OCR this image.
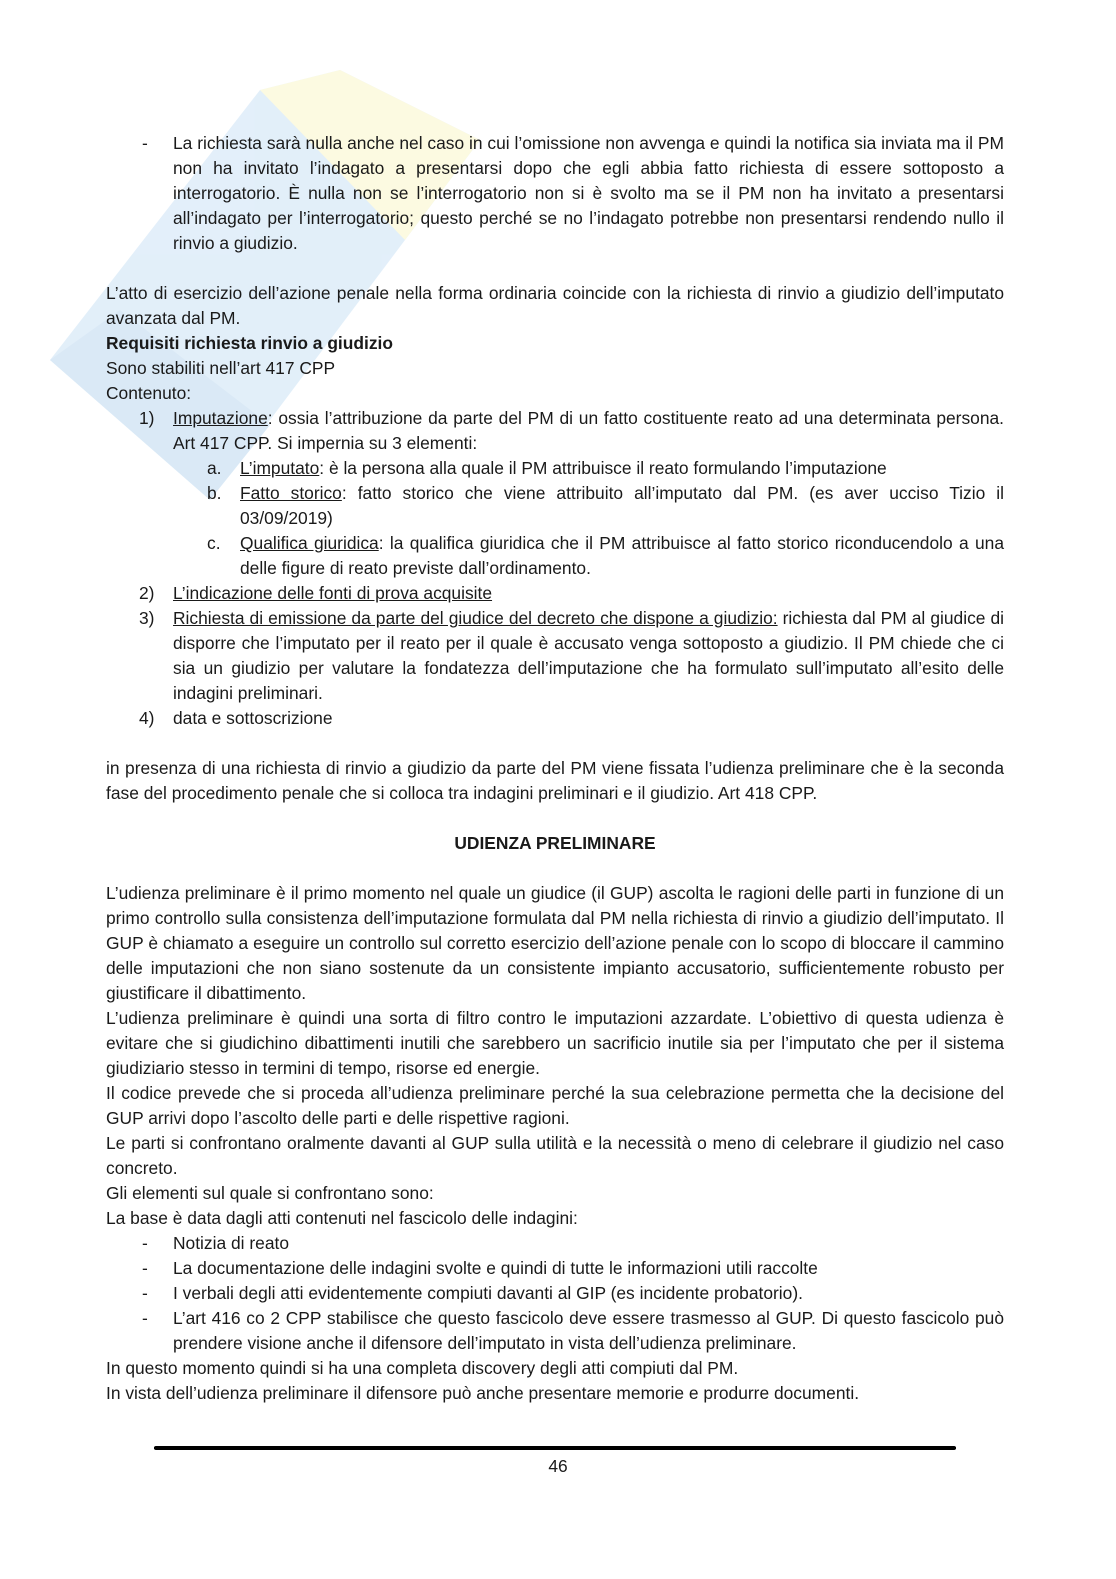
- La richiesta sarà nulla anche nel caso in cui l’omissione non avvenga e quindi la notifica sia inviata ma il PM non ha invitato l’indagato a presentarsi dopo che egli abbia fatto richiesta di essere sottoposto a interrogatorio. È nulla non se l’interrogatorio non si è svolto ma se il PM non ha invitato a presentarsi all’indagato per l’interrogatorio; questo perché se no l’indagato potrebbe non presentarsi rendendo nullo il rinvio a giudizio.

L’atto di esercizio dell’azione penale nella forma ordinaria coincide con la richiesta di rinvio a giudizio dell’imputato avanzata dal PM.

Requisiti richiesta rinvio a giudizio

Sono stabiliti nell’art 417 CPP

Contenuto:

1) Imputazione: ossia l’attribuzione da parte del PM di un fatto costituente reato ad una determinata persona. Art 417 CPP. Si impernia su 3 elementi:
a. L’imputato: è la persona alla quale il PM attribuisce il reato formulando l’imputazione
b. Fatto storico: fatto storico che viene attribuito all’imputato dal PM. (es aver ucciso Tizio il 03/09/2019)
c. Qualifica giuridica: la qualifica giuridica che il PM attribuisce al fatto storico riconducendolo a una delle figure di reato previste dall’ordinamento.
2) L’indicazione delle fonti di prova acquisite
3) Richiesta di emissione da parte del giudice del decreto che dispone a giudizio: richiesta dal PM al giudice di disporre che l’imputato per il reato per il quale è accusato venga sottoposto a giudizio. Il PM chiede che ci sia un giudizio per valutare la fondatezza dell’imputazione che ha formulato sull’imputato all’esito delle indagini preliminari.
4) data e sottoscrizione

in presenza di una richiesta di rinvio a giudizio da parte del PM viene fissata l’udienza preliminare che è la seconda fase del procedimento penale che si colloca tra indagini preliminari e il giudizio. Art 418 CPP.

UDIENZA PRELIMINARE

L’udienza preliminare è il primo momento nel quale un giudice (il GUP) ascolta le ragioni delle parti in funzione di un primo controllo sulla consistenza dell’imputazione formulata dal PM nella richiesta di rinvio a giudizio dell’imputato. Il GUP è chiamato a eseguire un controllo sul corretto esercizio dell’azione penale con lo scopo di bloccare il cammino delle imputazioni che non siano sostenute da un consistente impianto accusatorio, sufficientemente robusto per giustificare il dibattimento.

L’udienza preliminare è quindi una sorta di filtro contro le imputazioni azzardate. L’obiettivo di questa udienza è evitare che si giudichino dibattimenti inutili che sarebbero un sacrificio inutile sia per l’imputato che per il sistema giudiziario stesso in termini di tempo, risorse ed energie.

Il codice prevede che si proceda all’udienza preliminare perché la sua celebrazione permetta che la decisione del GUP arrivi dopo l’ascolto delle parti e delle rispettive ragioni.

Le parti si confrontano oralmente davanti al GUP sulla utilità e la necessità o meno di celebrare il giudizio nel caso concreto.

Gli elementi sul quale si confrontano sono:

La base è data dagli atti contenuti nel fascicolo delle indagini:

- Notizia di reato
- La documentazione delle indagini svolte e quindi di tutte le informazioni utili raccolte
- I verbali degli atti evidentemente compiuti davanti al GIP (es incidente probatorio).
- L’art 416 co 2 CPP stabilisce che questo fascicolo deve essere trasmesso al GUP. Di questo fascicolo può prendere visione anche il difensore dell’imputato in vista dell’udienza preliminare.

In questo momento quindi si ha una completa discovery degli atti compiuti dal PM.

In vista dell’udienza preliminare il difensore può anche presentare memorie e produrre documenti.

46
